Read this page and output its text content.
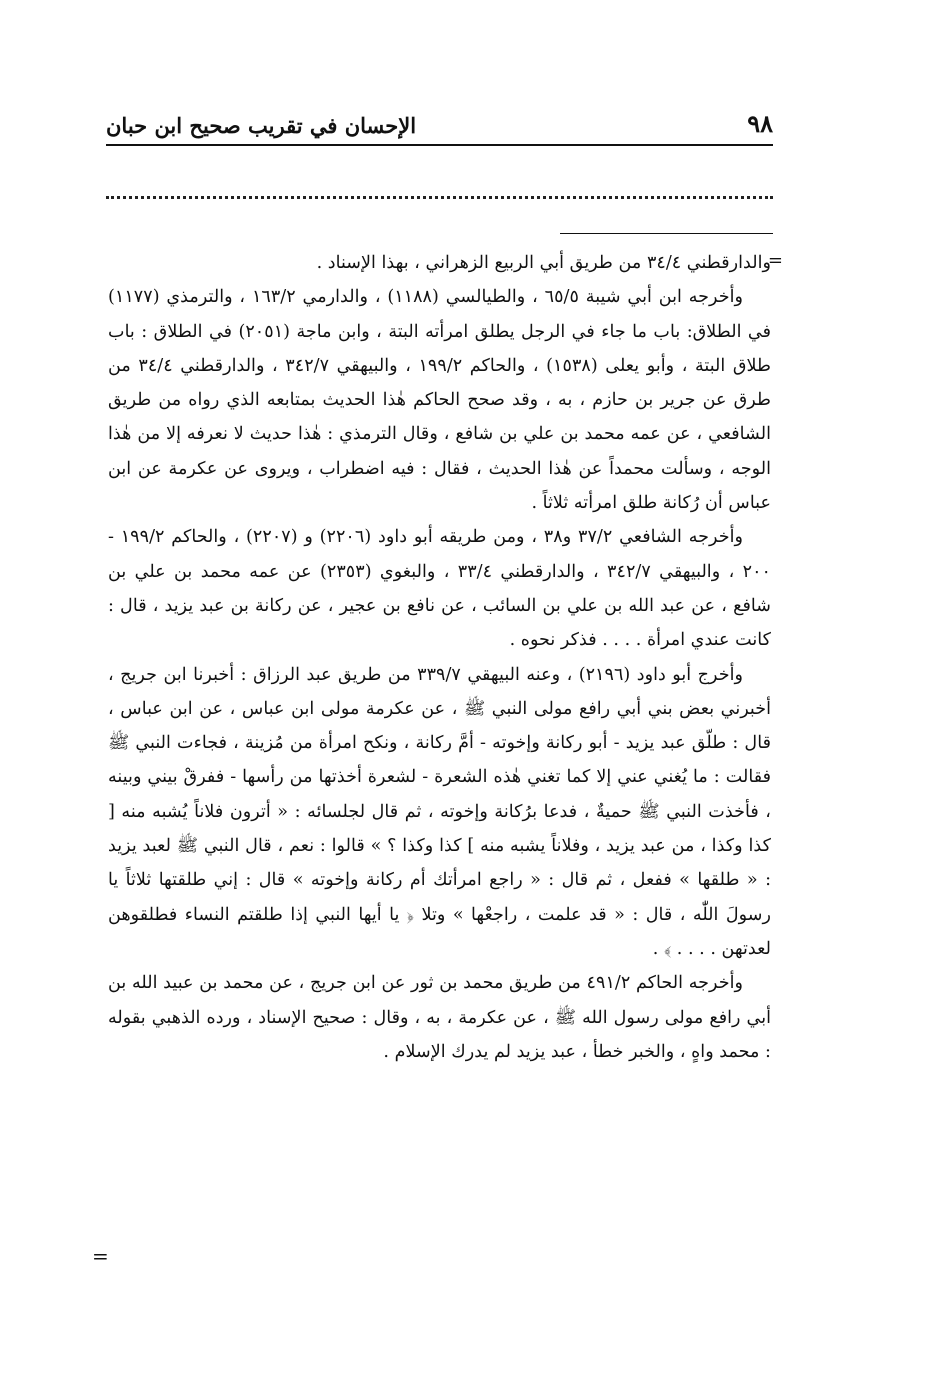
٩٨
الإحسان في تقريب صحيح ابن حبان
=

والدارقطني ٣٤/٤ من طريق أبي الربيع الزهراني ، بهذا الإسناد .

وأخرجه ابن أبي شيبة ٦٥/٥ ، والطيالسي (١١٨٨) ، والدارمي ١٦٣/٢ ، والترمذي (١١٧٧) في الطلاق: باب ما جاء في الرجل يطلق امرأته البتة ، وابن ماجة (٢٠٥١) في الطلاق : باب طلاق البتة ، وأبو يعلى (١٥٣٨) ، والحاكم ١٩٩/٢ ، والبيهقي ٣٤٢/٧ ، والدارقطني ٣٤/٤ من طرق عن جرير بن حازم ، به ، وقد صحح الحاكم هٰذا الحديث بمتابعه الذي رواه من طريق الشافعي ، عن عمه محمد بن علي بن شافع ، وقال الترمذي : هٰذا حديث لا نعرفه إلا من هٰذا الوجه ، وسألت محمداً عن هٰذا الحديث ، فقال : فيه اضطراب ، ويروى عن عكرمة عن ابن عباس أن رُكانة طلق امرأته ثلاثاً .

وأخرجه الشافعي ٣٧/٢ و٣٨ ، ومن طريقه أبو داود (٢٢٠٦) و (٢٢٠٧) ، والحاكم ١٩٩/٢ - ٢٠٠ ، والبيهقي ٣٤٢/٧ ، والدارقطني ٣٣/٤ ، والبغوي (٢٣٥٣) عن عمه محمد بن علي بن شافع ، عن عبد الله بن علي بن السائب ، عن نافع بن عجير ، عن ركانة بن عبد يزيد ، قال : كانت عندي امرأة . . . . فذكر نحوه .

وأخرج أبو داود (٢١٩٦) ، وعنه البيهقي ٣٣٩/٧ من طريق عبد الرزاق : أخبرنا ابن جريج ، أخبرني بعض بني أبي رافع مولى النبي ﷺ ، عن عكرمة مولى ابن عباس ، عن ابن عباس ، قال : طلّق عبد يزيد - أبو ركانة وإخوته - أمَّ ركانة ، ونكح امرأة من مُزينة ، فجاءت النبي ﷺ فقالت : ما يُغني عني إلا كما تغني هٰذه الشعرة - لشعرة أخذتها من رأسها - ففرقْ بيني وبينه ، فأخذت النبي ﷺ حميةٌ ، فدعا برُكانة وإخوته ، ثم قال لجلسائه : « أترون فلاناً يُشبه منه [ كذا وكذا ، من عبد يزيد ، وفلاناً يشبه منه ] كذا وكذا ؟ » قالوا : نعم ، قال النبي ﷺ لعبد يزيد : « طلقها » ففعل ، ثم قال : « راجع امرأتك أم ركانة وإخوته » قال : إني طلقتها ثلاثاً يا رسولَ اللّٰه ، قال : « قد علمت ، راجعْها » وتلا ﴿ يا أيها النبي إذا طلقتم النساء فطلقوهن لعدتهن . . . . ﴾ .

وأخرجه الحاكم ٤٩١/٢ من طريق محمد بن ثور عن ابن جريج ، عن محمد بن عبيد الله بن أبي رافع مولى رسول الله ﷺ ، عن عكرمة ، به ، وقال : صحيح الإسناد ، ورده الذهبي بقوله : محمد واهٍ ، والخبر خطأ ، عبد يزيد لم يدرك الإسلام .

=
